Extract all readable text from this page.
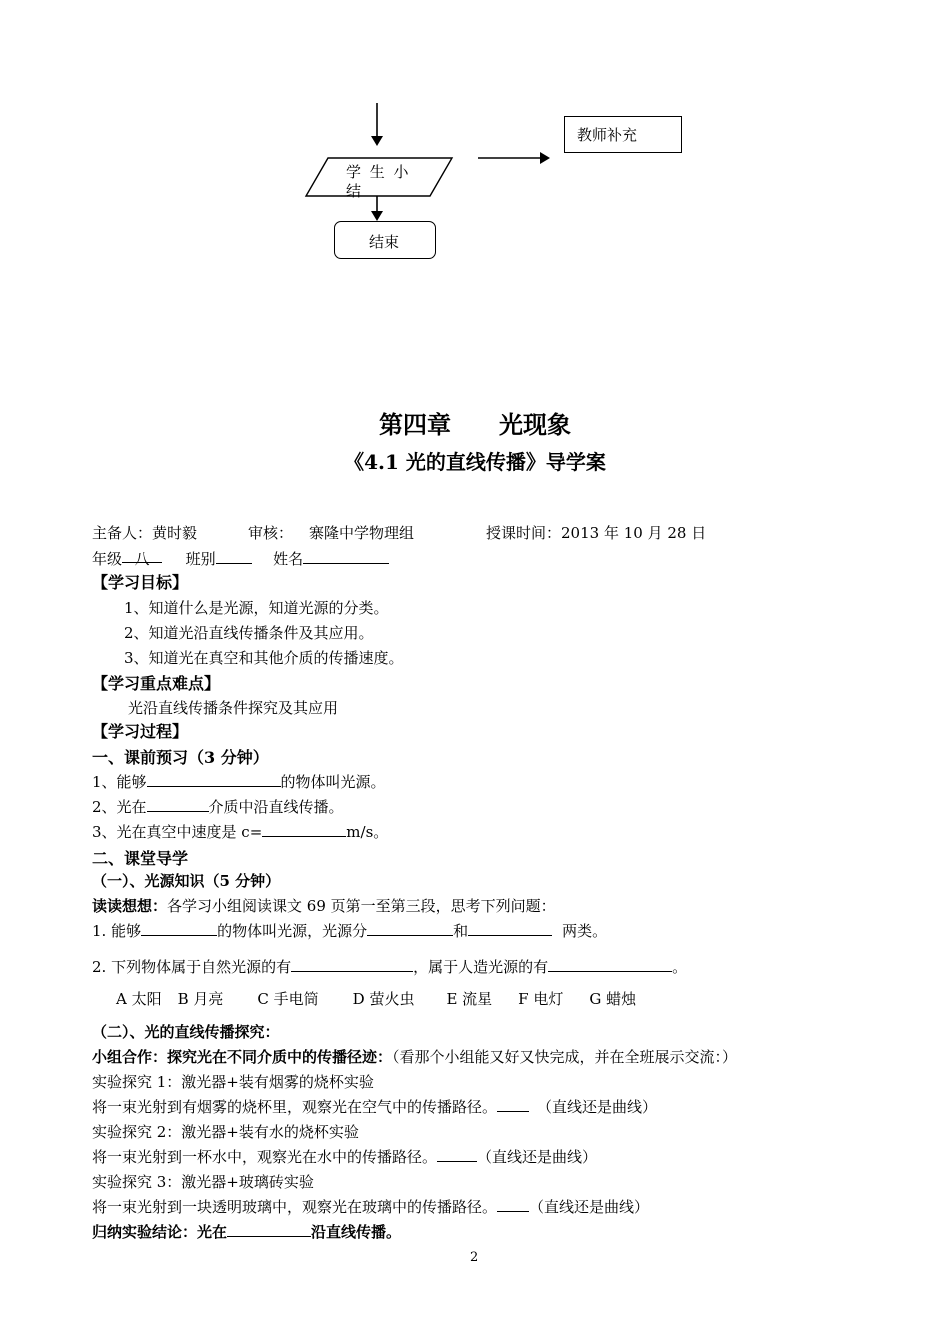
教师补充
学 生 小 结
结束
第四章　　光现象
《4.1 光的直线传播》导学案
主备人：黄时毅	审核： 寨隆中学物理组	授课时间：2013 年 10 月 28 日
年级 八 班别	姓名
【学习目标】
1、知道什么是光源，知道光源的分类。
2、知道光沿直线传播条件及其应用。
3、知道光在真空和其他介质的传播速度。
【学习重点难点】
光沿直线传播条件探究及其应用
【学习过程】
一、课前预习（3 分钟）
1、能够	的物体叫光源。
2、光在	介质中沿直线传播。
3、光在真空中速度是 c=	m/s。
二、课堂导学
（一）、光源知识（5 分钟）
读读想想：各学习小组阅读课文 69 页第一至第三段，思考下列问题：
1. 能够	的物体叫光源，光源分	和	两类。
2. 下列物体属于自然光源的有	，属于人造光源的有	。
A 太阳 B 月亮 C 手电筒 D 萤火虫 E 流星 F 电灯 G 蜡烛
（二）、光的直线传播探究：
小组合作：探究光在不同介质中的传播径迹：（看那个小组能又好又快完成，并在全班展示交流：）
实验探究 1：激光器+装有烟雾的烧杯实验
将一束光射到有烟雾的烧杯里，观察光在空气中的传播路径。	（直线还是曲线）
实验探究 2：激光器+装有水的烧杯实验
将一束光射到一杯水中，观察光在水中的传播路径。	（直线还是曲线）
实验探究 3：激光器+玻璃砖实验
将一束光射到一块透明玻璃中，观察光在玻璃中的传播路径。 （直线还是曲线）
归纳实验结论：光在	沿直线传播。
2
